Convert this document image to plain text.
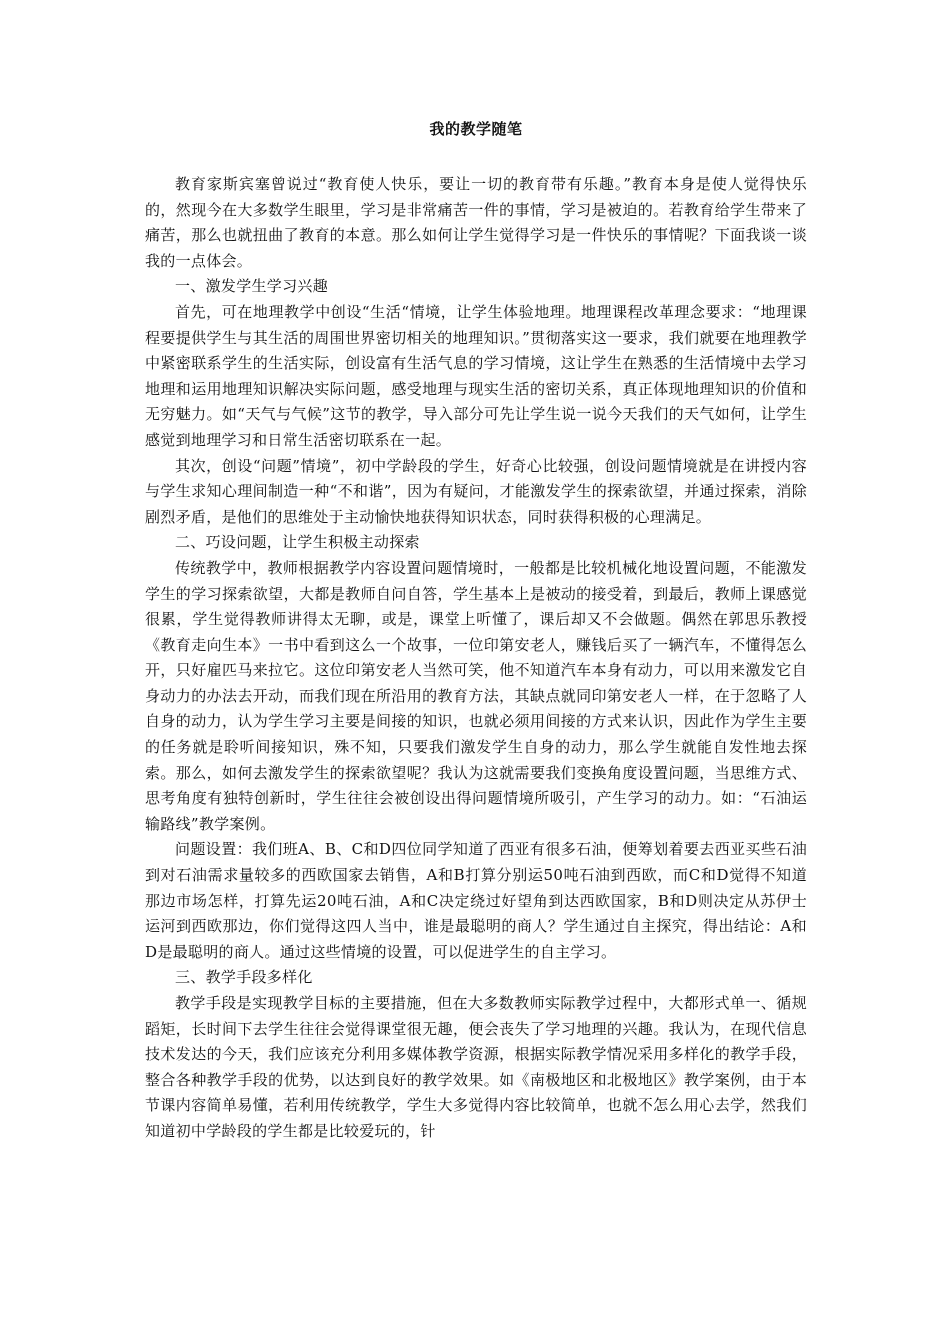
我的教学随笔

教育家斯宾塞曾说过“教育使人快乐，要让一切的教育带有乐趣。”教育本身是使人觉得快乐的，然现今在大多数学生眼里，学习是非常痛苦一件的事情，学习是被迫的。若教育给学生带来了痛苦，那么也就扭曲了教育的本意。那么如何让学生觉得学习是一件快乐的事情呢？下面我谈一谈我的一点体会。

一、激发学生学习兴趣

首先，可在地理教学中创设“生活“情境，让学生体验地理。地理课程改革理念要求：“地理课程要提供学生与其生活的周围世界密切相关的地理知识。”贯彻落实这一要求，我们就要在地理教学中紧密联系学生的生活实际，创设富有生活气息的学习情境，这让学生在熟悉的生活情境中去学习地理和运用地理知识解决实际问题，感受地理与现实生活的密切关系，真正体现地理知识的价值和无穷魅力。如“天气与气候”这节的教学，导入部分可先让学生说一说今天我们的天气如何，让学生感觉到地理学习和日常生活密切联系在一起。

其次，创设“问题”情境”，初中学龄段的学生，好奇心比较强，创设问题情境就是在讲授内容与学生求知心理间制造一种“不和谐”，因为有疑问，才能激发学生的探索欲望，并通过探索，消除剧烈矛盾，是他们的思维处于主动愉快地获得知识状态，同时获得积极的心理满足。

二、巧设问题，让学生积极主动探索

传统教学中，教师根据教学内容设置问题情境时，一般都是比较机械化地设置问题，不能激发学生的学习探索欲望，大都是教师自问自答，学生基本上是被动的接受着，到最后，教师上课感觉很累，学生觉得教师讲得太无聊，或是，课堂上听懂了，课后却又不会做题。偶然在郭思乐教授《教育走向生本》一书中看到这么一个故事，一位印第安老人，赚钱后买了一辆汽车，不懂得怎么开，只好雇匹马来拉它。这位印第安老人当然可笑，他不知道汽车本身有动力，可以用来激发它自身动力的办法去开动，而我们现在所沿用的教育方法，其缺点就同印第安老人一样，在于忽略了人自身的动力，认为学生学习主要是间接的知识，也就必须用间接的方式来认识，因此作为学生主要的任务就是聆听间接知识，殊不知，只要我们激发学生自身的动力，那么学生就能自发性地去探索。那么，如何去激发学生的探索欲望呢？我认为这就需要我们变换角度设置问题，当思维方式、思考角度有独特创新时，学生往往会被创设出得问题情境所吸引，产生学习的动力。如：“石油运输路线”教学案例。

问题设置：我们班A、B、C和D四位同学知道了西亚有很多石油，便筹划着要去西亚买些石油到对石油需求量较多的西欧国家去销售，A和B打算分别运50吨石油到西欧，而C和D觉得不知道那边市场怎样，打算先运20吨石油，A和C决定绕过好望角到达西欧国家，B和D则决定从苏伊士运河到西欧那边，你们觉得这四人当中，谁是最聪明的商人？学生通过自主探究，得出结论：A和D是最聪明的商人。通过这些情境的设置，可以促进学生的自主学习。

三、教学手段多样化

教学手段是实现教学目标的主要措施，但在大多数教师实际教学过程中，大都形式单一、循规蹈矩，长时间下去学生往往会觉得课堂很无趣，便会丧失了学习地理的兴趣。我认为，在现代信息技术发达的今天，我们应该充分利用多媒体教学资源，根据实际教学情况采用多样化的教学手段，整合各种教学手段的优势，以达到良好的教学效果。如《南极地区和北极地区》教学案例，由于本节课内容简单易懂，若利用传统教学，学生大多觉得内容比较简单，也就不怎么用心去学，然我们知道初中学龄段的学生都是比较爱玩的，针
